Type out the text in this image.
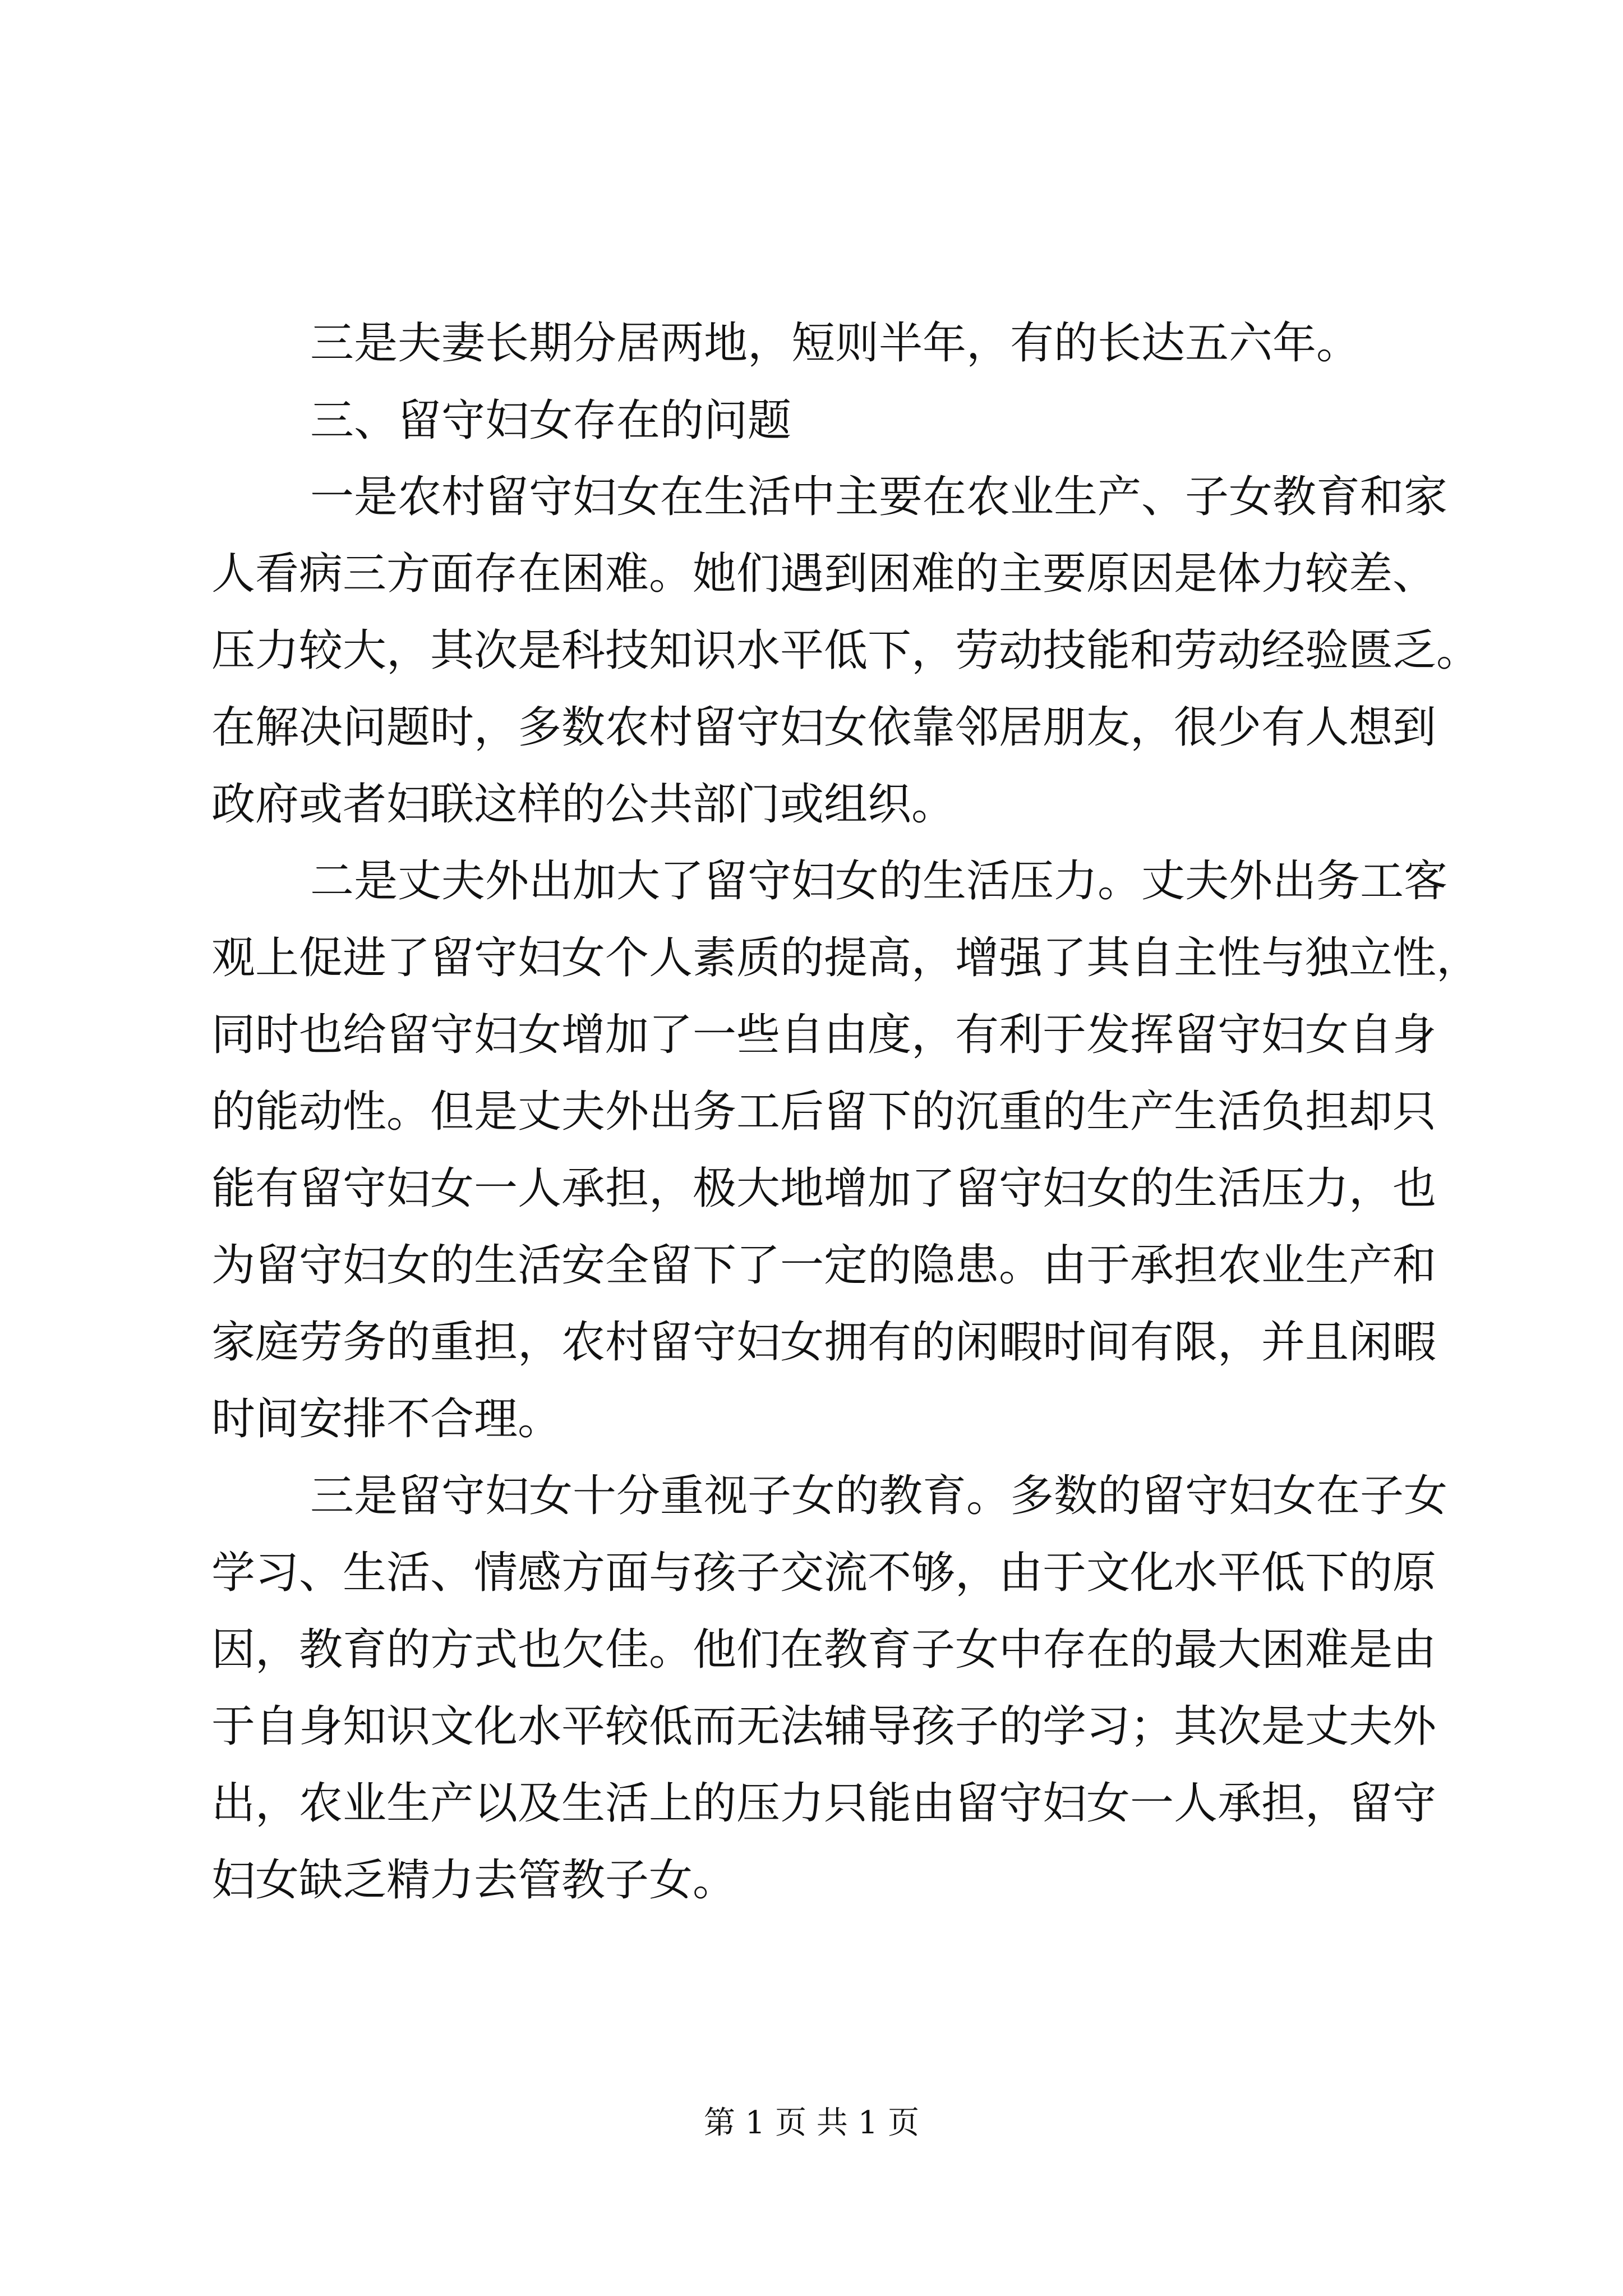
三是夫妻长期分居两地，短则半年，有的长达五六年。
三、留守妇女存在的问题
一是农村留守妇女在生活中主要在农业生产、子女教育和家
人看病三方面存在困难。她们遇到困难的主要原因是体力较差、
压力较大，其次是科技知识水平低下，劳动技能和劳动经验匮乏。
在解决问题时，多数农村留守妇女依靠邻居朋友，很少有人想到
政府或者妇联这样的公共部门或组织。
二是丈夫外出加大了留守妇女的生活压力。丈夫外出务工客
观上促进了留守妇女个人素质的提高，增强了其自主性与独立性，
同时也给留守妇女增加了一些自由度，有利于发挥留守妇女自身
的能动性。但是丈夫外出务工后留下的沉重的生产生活负担却只
能有留守妇女一人承担，极大地增加了留守妇女的生活压力，也
为留守妇女的生活安全留下了一定的隐患。由于承担农业生产和
家庭劳务的重担，农村留守妇女拥有的闲暇时间有限，并且闲暇
时间安排不合理。
三是留守妇女十分重视子女的教育。多数的留守妇女在子女
学习、生活、情感方面与孩子交流不够，由于文化水平低下的原
因，教育的方式也欠佳。他们在教育子女中存在的最大困难是由
于自身知识文化水平较低而无法辅导孩子的学习；其次是丈夫外
出，农业生产以及生活上的压力只能由留守妇女一人承担，留守
妇女缺乏精力去管教子女。
第 1 页 共 1 页
